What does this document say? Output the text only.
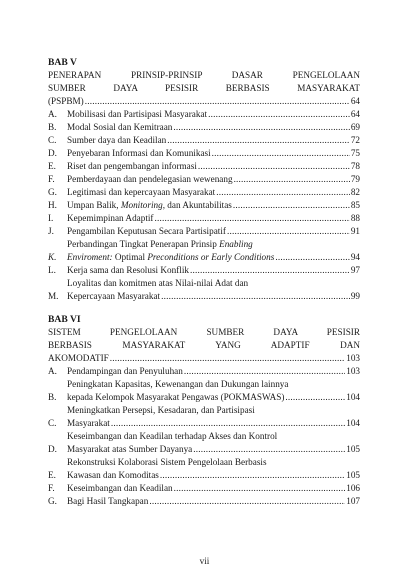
BAB V
PENERAPAN PRINSIP-PRINSIP DASAR PENGELOLAAN
SUMBER DAYA PESISIR BERBASIS MASYARAKAT
(PSPBM) .....	64
A.	Mobilisasi dan Partisipasi Masyarakat .....	64
B.	Modal Sosial dan Kemitraan .....	69
C.	Sumber daya dan Keadilan .....	72
D.	Penyebaran Informasi dan Komunikasi .....	75
E.	Riset dan pengembangan informasi .....	78
F.	Pemberdayaan dan pendelegasian wewenang .....	79
G.	Legitimasi dan kepercayaan Masyarakat .....	82
H.	Umpan Balik, Monitoring, dan Akuntabilitas .....	85
I.	Kepemimpinan Adaptif .....	88
J.	Pengambilan Keputusan Secara Partisipatif .....	91
K.
Perbandingan Tingkat Penerapan Prinsip Enabling
Enviroment: Optimal Preconditions or Early Conditions .....	94
L.	Kerja sama dan Resolusi Konflik .....	97
M.
Loyalitas dan komitmen atas Nilai-nilai Adat dan
Kepercayaan Masyarakat .....	99
BAB VI
SISTEM PENGELOLAAN SUMBER DAYA PESISIR
BERBASIS MASYARAKAT YANG ADAPTIF DAN
AKOMODATIF .....	103
A.	Pendampingan dan Penyuluhan .....	103
B.
Peningkatan Kapasitas, Kewenangan dan Dukungan lainnya
kepada Kelompok Masyarakat Pengawas (POKMASWAS) .....	104
C.
Meningkatkan Persepsi, Kesadaran, dan Partisipasi
Masyarakat .....	104
D.
Keseimbangan dan Keadilan terhadap Akses dan Kontrol
Masyarakat atas Sumber Dayanya .....	105
E.
Rekonstruksi Kolaborasi Sistem Pengelolaan Berbasis
Kawasan dan Komoditas .....	105
F.	Keseimbangan dan Keadilan .....	106
G.	Bagi Hasil Tangkapan .....	107
vii
